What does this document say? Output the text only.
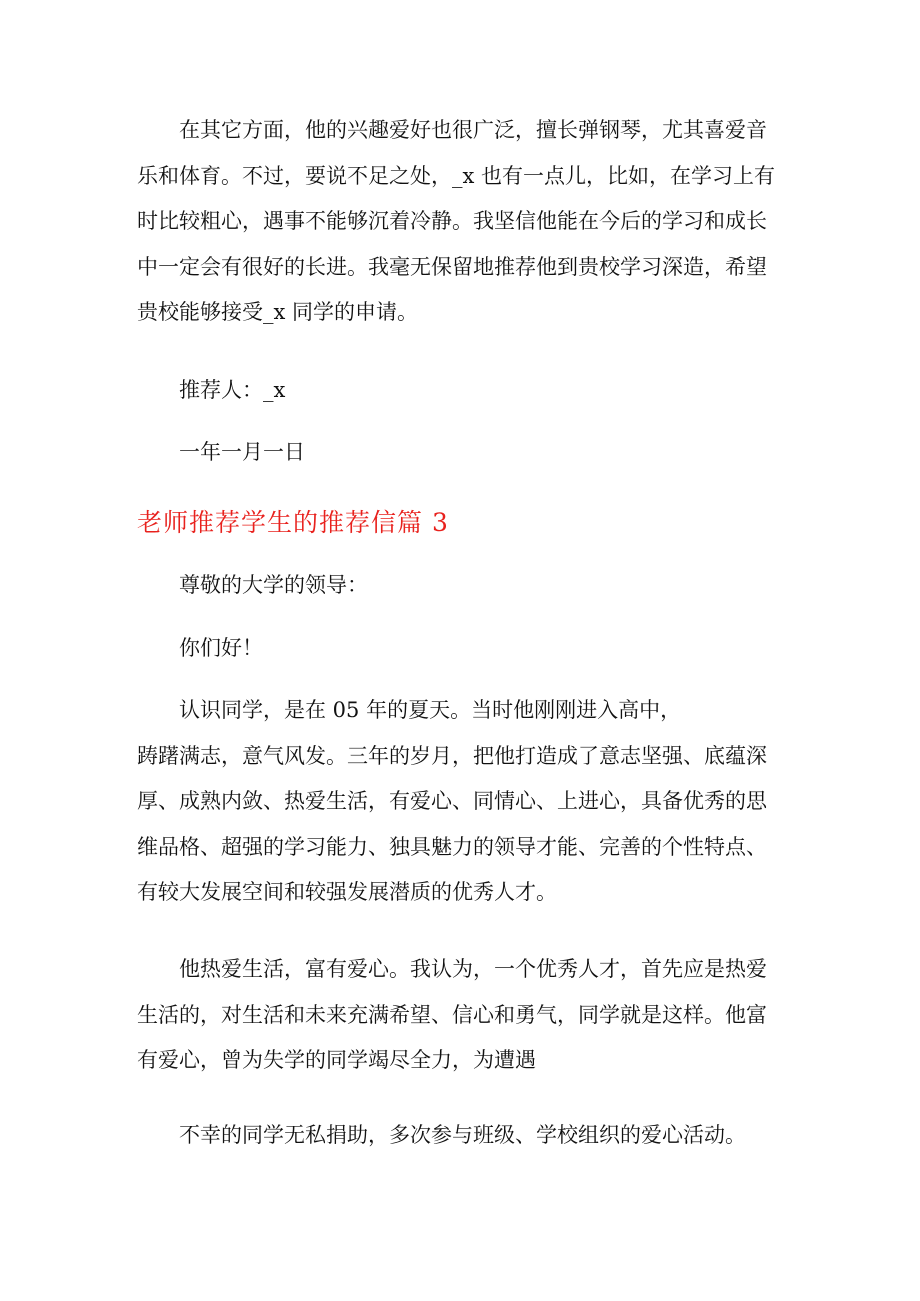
在其它方面，他的兴趣爱好也很广泛，擅长弹钢琴，尤其喜爱音
乐和体育。不过，要说不足之处，_x 也有一点儿，比如，在学习上有
时比较粗心，遇事不能够沉着冷静。我坚信他能在今后的学习和成长
中一定会有很好的长进。我毫无保留地推荐他到贵校学习深造，希望
贵校能够接受_x 同学的申请。

推荐人：_x

一年一月一日

老师推荐学生的推荐信篇 3

尊敬的大学的领导：

你们好！

认识同学，是在 05 年的夏天。当时他刚刚进入高中，
踌躇满志，意气风发。三年的岁月，把他打造成了意志坚强、底蕴深
厚、成熟内敛、热爱生活，有爱心、同情心、上进心，具备优秀的思
维品格、超强的学习能力、独具魅力的领导才能、完善的个性特点、
有较大发展空间和较强发展潜质的优秀人才。

他热爱生活，富有爱心。我认为，一个优秀人才，首先应是热爱
生活的，对生活和未来充满希望、信心和勇气，同学就是这样。他富
有爱心，曾为失学的同学竭尽全力，为遭遇

不幸的同学无私捐助，多次参与班级、学校组织的爱心活动。
